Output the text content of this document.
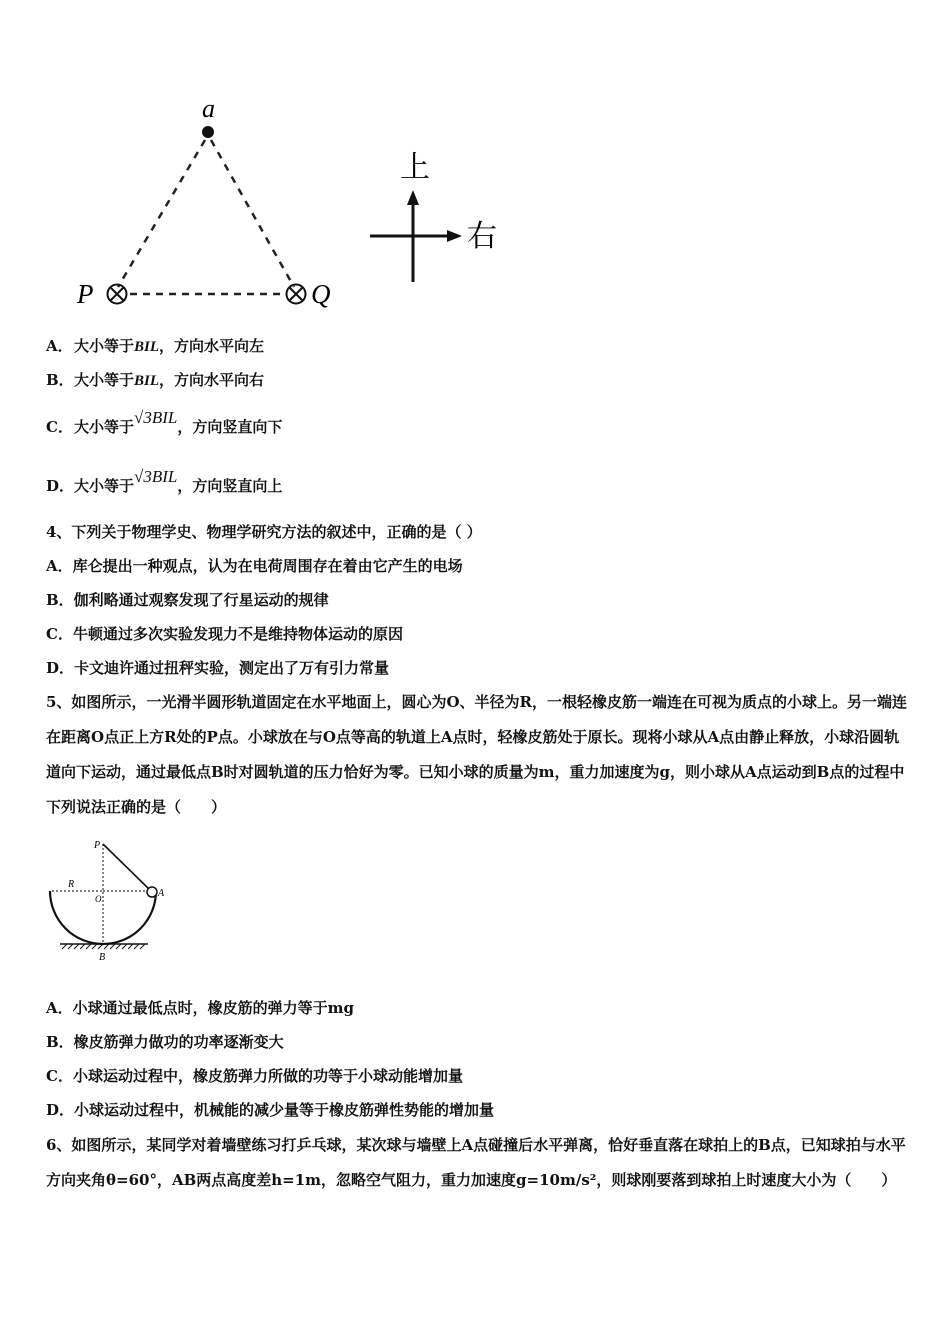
a
P	Q
上
右
A．大小等于BIL，方向水平向左
B．大小等于BIL，方向水平向右
C．大小等于√3BIL，方向竖直向下
D．大小等于√3BIL，方向竖直向上
4、下列关于物理学史、物理学研究方法的叙述中，正确的是（ ）
A．库仑提出一种观点，认为在电荷周围存在着由它产生的电场
B．伽利略通过观察发现了行星运动的规律
C．牛顿通过多次实验发现力不是维持物体运动的原因
D．卡文迪许通过扭秤实验，测定出了万有引力常量
5、如图所示，一光滑半圆形轨道固定在水平地面上，圆心为O、半径为R，一根轻橡皮筋一端连在可视为质点的小球上。另一端连在距离O点正上方R处的P点。小球放在与O点等高的轨道上A点时，轻橡皮筋处于原长。现将小球从A点由静止释放，小球沿圆轨道向下运动，通过最低点B时对圆轨道的压力恰好为零。已知小球的质量为m，重力加速度为g，则小球从A点运动到B点的过程中下列说法正确的是（　　）
P
R
O	A
B
A．小球通过最低点时，橡皮筋的弹力等于mg
B．橡皮筋弹力做功的功率逐渐变大
C．小球运动过程中，橡皮筋弹力所做的功等于小球动能增加量
D．小球运动过程中，机械能的减少量等于橡皮筋弹性势能的增加量
6、如图所示，某同学对着墙壁练习打乒乓球，某次球与墙壁上A点碰撞后水平弹离，恰好垂直落在球拍上的B点，已知球拍与水平方向夹角θ=60°，AB两点高度差h=1m，忽略空气阻力，重力加速度g=10m/s²，则球刚要落到球拍上时速度大小为（　　）
